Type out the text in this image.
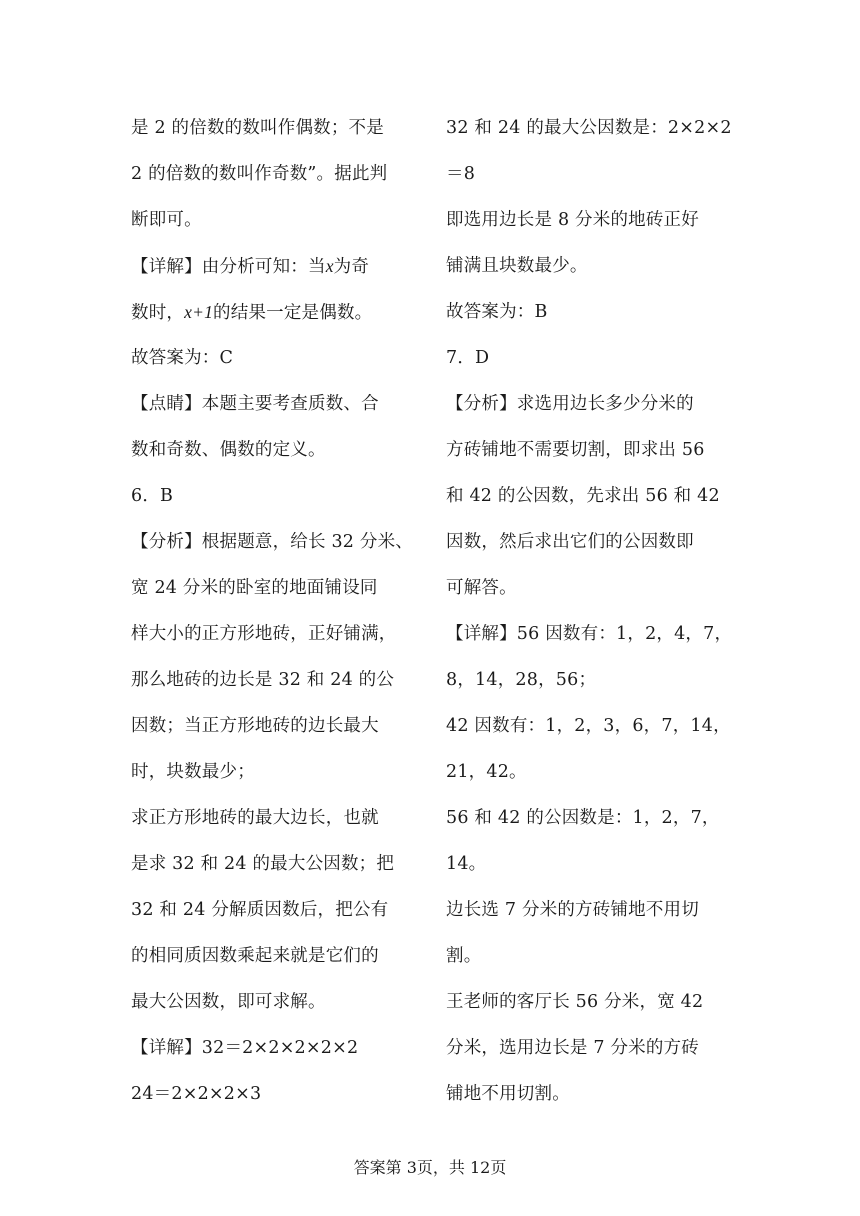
是 2 的倍数的数叫作偶数；不是
2 的倍数的数叫作奇数”。据此判
断即可。
【详解】由分析可知：当x为奇
数时，x+1的结果一定是偶数。
故答案为：C
【点睛】本题主要考查质数、合
数和奇数、偶数的定义。
6．B
【分析】根据题意，给长 32 分米、
宽 24 分米的卧室的地面铺设同
样大小的正方形地砖，正好铺满，
那么地砖的边长是 32 和 24 的公
因数；当正方形地砖的边长最大
时，块数最少；
求正方形地砖的最大边长，也就
是求 32 和 24 的最大公因数；把
32 和 24 分解质因数后，把公有
的相同质因数乘起来就是它们的
最大公因数，即可求解。
【详解】32＝2×2×2×2×2
24＝2×2×2×3
32 和 24 的最大公因数是：2×2×2
＝8
即选用边长是 8 分米的地砖正好
铺满且块数最少。
故答案为：B
7．D
【分析】求选用边长多少分米的
方砖铺地不需要切割，即求出 56
和 42 的公因数，先求出 56 和 42
因数，然后求出它们的公因数即
可解答。
【详解】56 因数有：1，2，4，7，
8，14，28，56；
42 因数有：1，2，3，6，7，14，
21，42。
56 和 42 的公因数是：1，2，7，
14。
边长选 7 分米的方砖铺地不用切
割。
王老师的客厅长 56 分米，宽 42
分米，选用边长是 7 分米的方砖
铺地不用切割。
答案第 3页，共 12页
